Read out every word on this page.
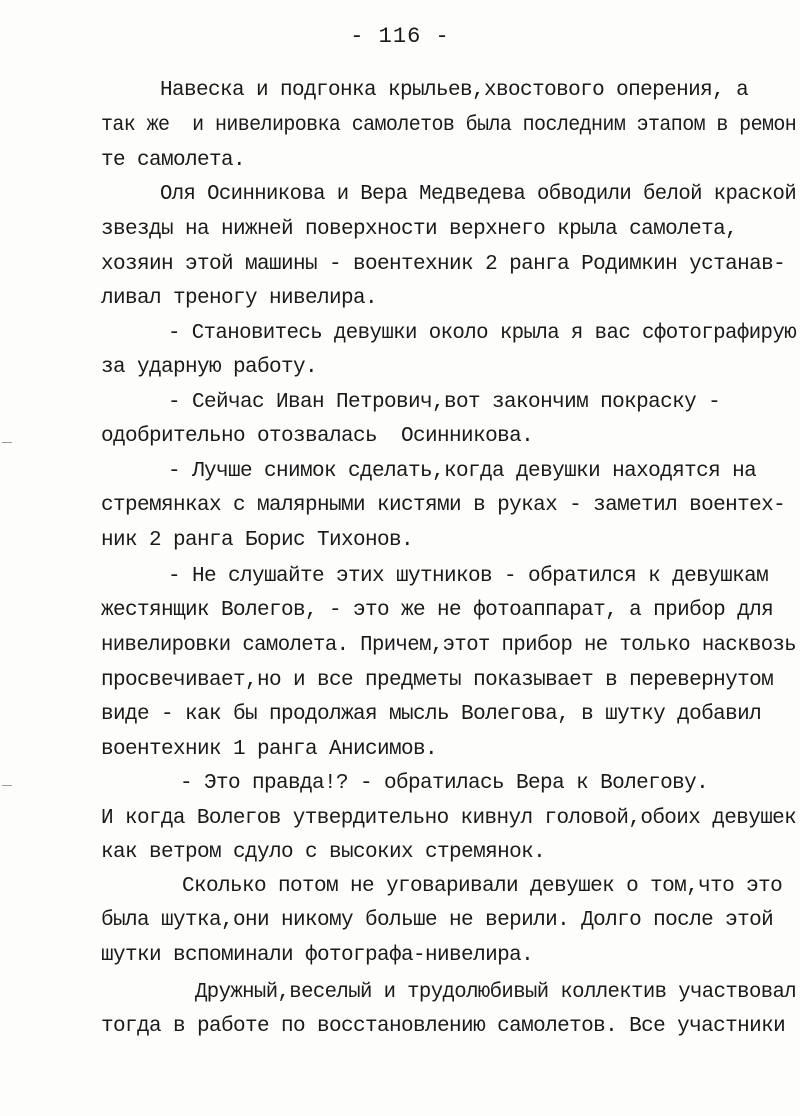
- 116 -
Навеска и подгонка крыльев,хвостового оперения, а
так же  и нивелировка самолетов была последним этапом в ремон
те самолета.
Оля Осинникова и Вера Медведева обводили белой краской
звезды на нижней поверхности верхнего крыла самолета,
хозяин этой машины - воентехник 2 ранга Родимкин устанав-
ливал треногу нивелира.
- Становитесь девушки около крыла я вас сфотографирую
за ударную работу.
- Сейчас Иван Петрович,вот закончим покраску -
одобрительно отозвалась  Осинникова.
- Лучше снимок сделать,когда девушки находятся на
стремянках с малярными кистями в руках - заметил воентех-
ник 2 ранга Борис Тихонов.
- Не слушайте этих шутников - обратился к девушкам
жестянщик Волегов, - это же не фотоаппарат, а прибор для
нивелировки самолета. Причем,этот прибор не только насквозь
просвечивает,но и все предметы показывает в перевернутом
виде - как бы продолжая мысль Волегова, в шутку добавил
воентехник 1 ранга Анисимов.
- Это правда!? - обратилась Вера к Волегову.
И когда Волегов утвердительно кивнул головой,обоих девушек
как ветром сдуло с высоких стремянок.
Сколько потом не уговаривали девушек о том,что это
была шутка,они никому больше не верили. Долго после этой
шутки вспоминали фотографа-нивелира.
Дружный,веселый и трудолюбивый коллектив участвовал
тогда в работе по восстановлению самолетов. Все участники
